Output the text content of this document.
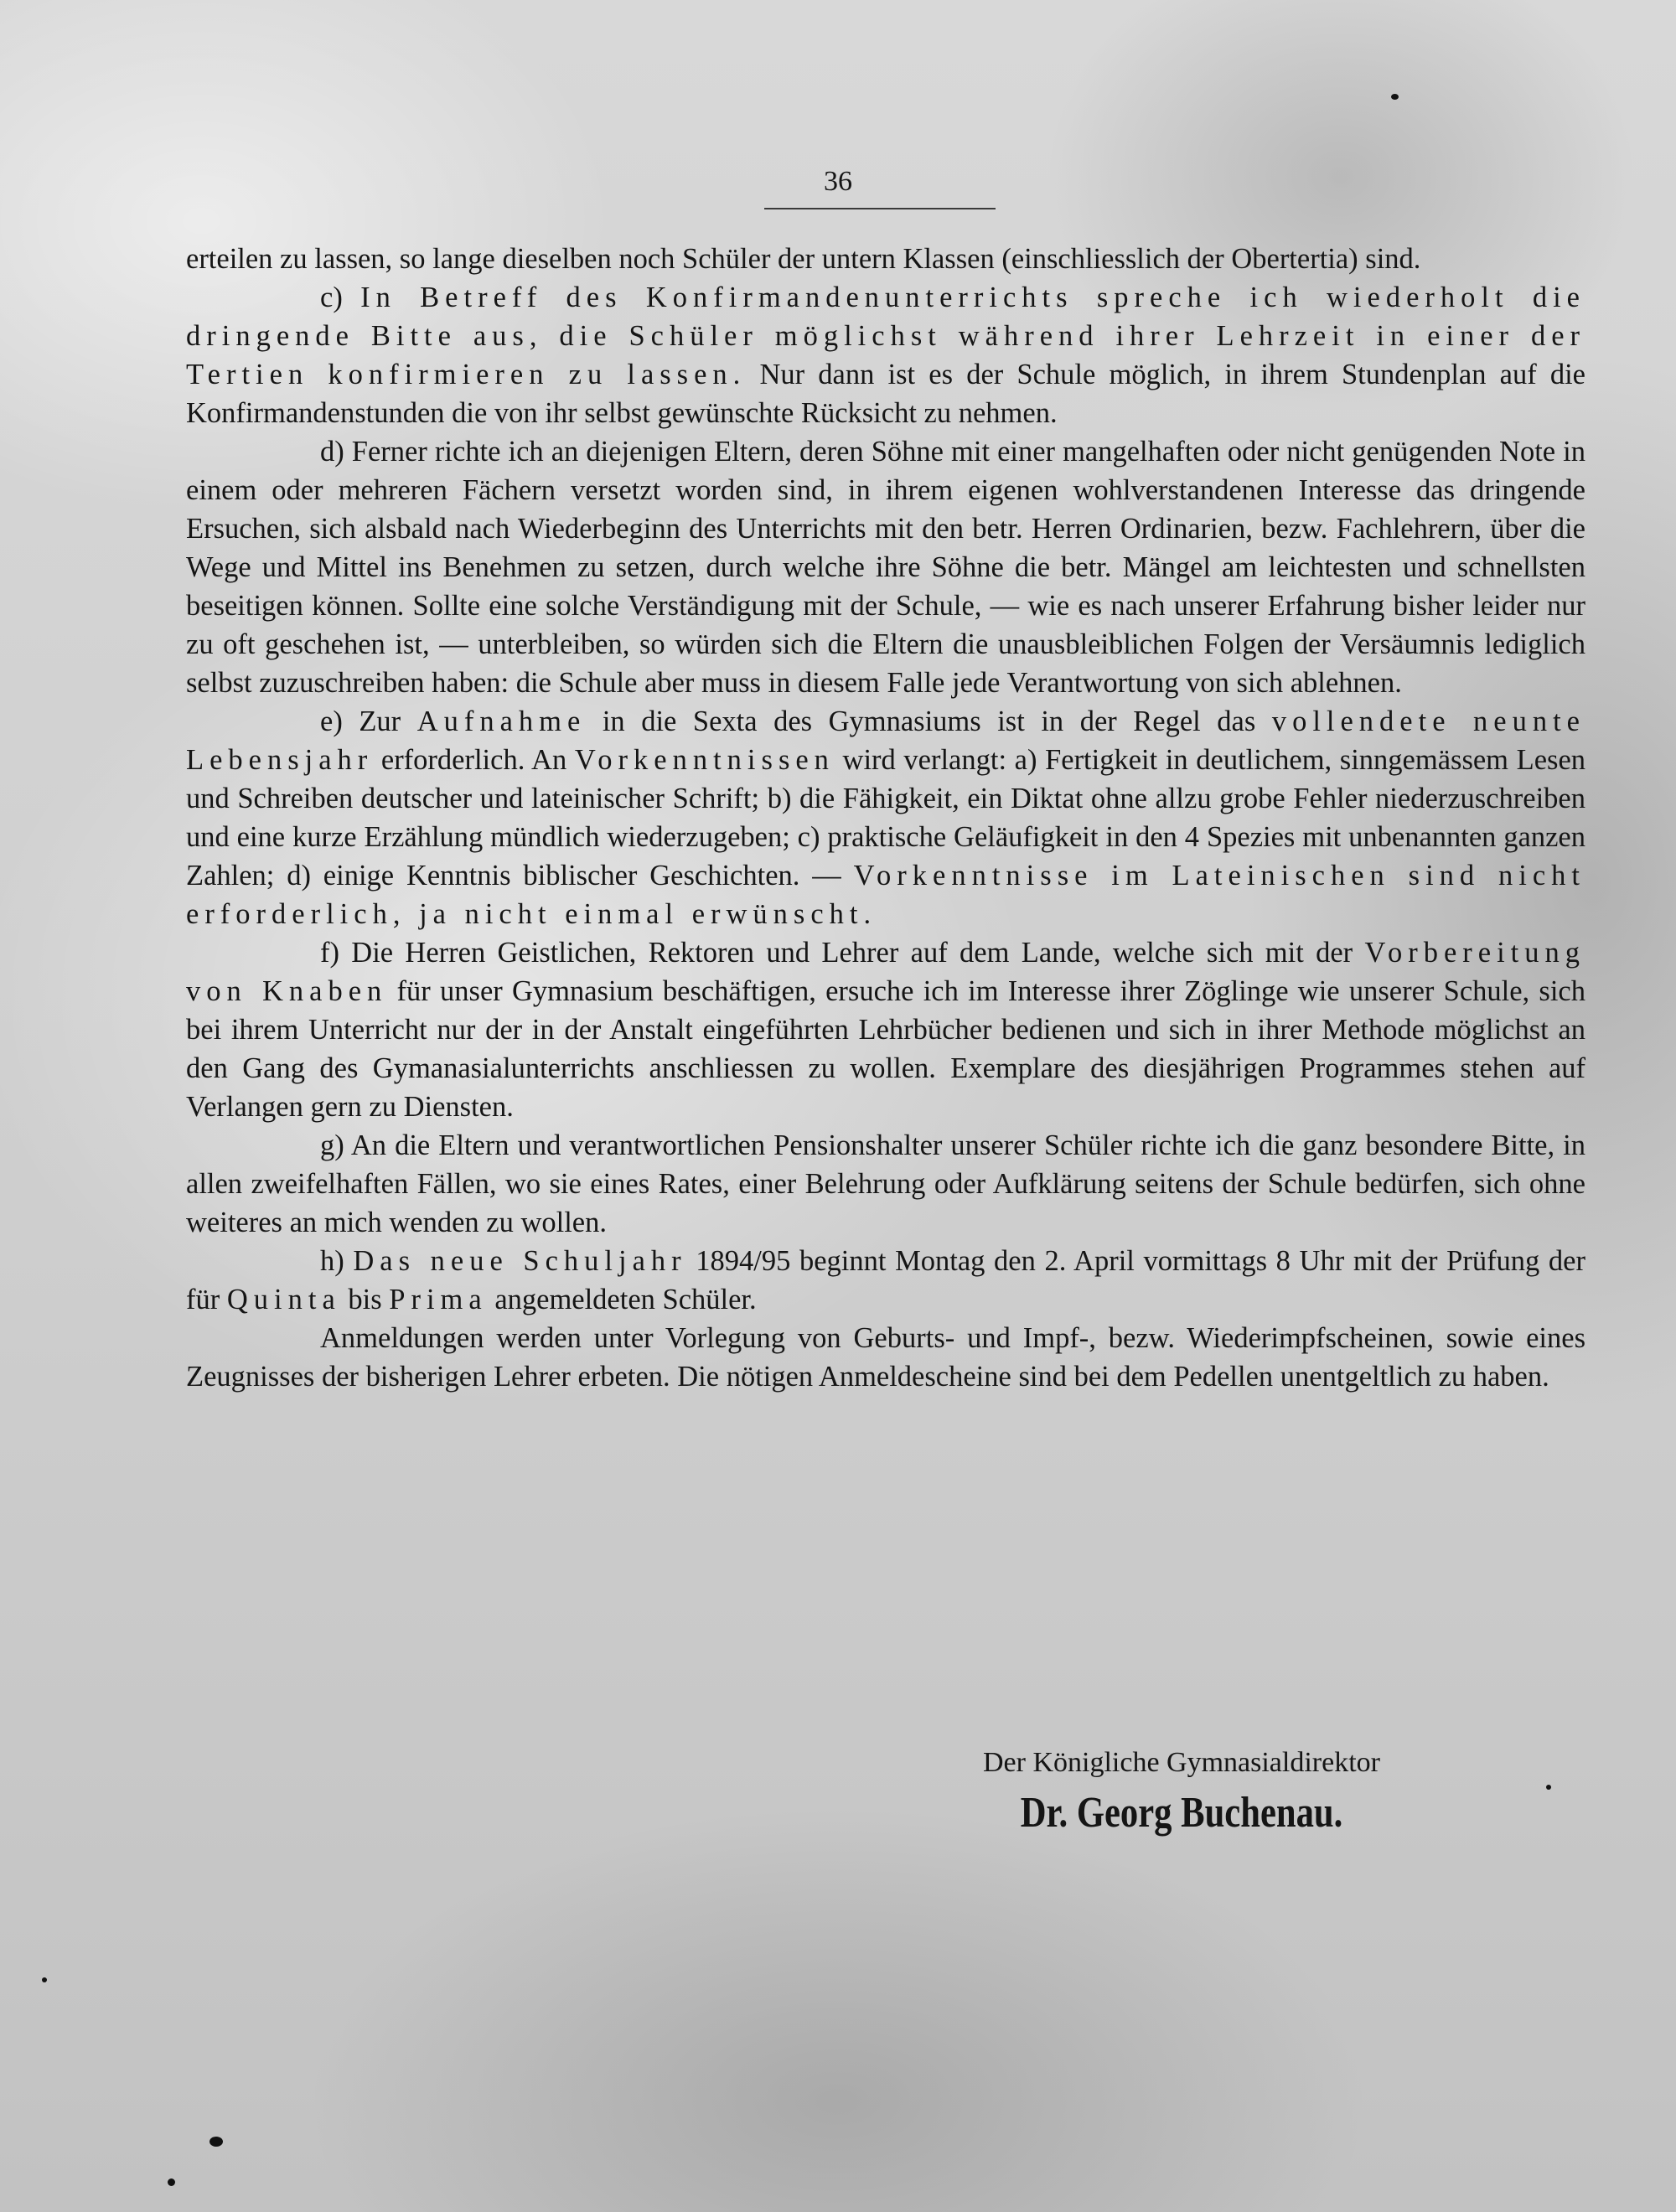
36

erteilen zu lassen, so lange dieselben noch Schüler der untern Klassen (einschliesslich der Obertertia) sind.

c) In Betreff des Konfirmandenunterrichts spreche ich wiederholt die dringende Bitte aus, die Schüler möglichst während ihrer Lehrzeit in einer der Tertien konfirmieren zu lassen. Nur dann ist es der Schule möglich, in ihrem Stundenplan auf die Konfirmandenstunden die von ihr selbst gewünschte Rücksicht zu nehmen.

d) Ferner richte ich an diejenigen Eltern, deren Söhne mit einer mangelhaften oder nicht genügenden Note in einem oder mehreren Fächern versetzt worden sind, in ihrem eigenen wohlverstandenen Interesse das dringende Ersuchen, sich alsbald nach Wiederbeginn des Unterrichts mit den betr. Herren Ordinarien, bezw. Fachlehrern, über die Wege und Mittel ins Benehmen zu setzen, durch welche ihre Söhne die betr. Mängel am leichtesten und schnellsten beseitigen können. Sollte eine solche Verständigung mit der Schule, — wie es nach unserer Erfahrung bisher leider nur zu oft geschehen ist, — unterbleiben, so würden sich die Eltern die unausbleiblichen Folgen der Versäumnis lediglich selbst zuzuschreiben haben: die Schule aber muss in diesem Falle jede Verantwortung von sich ablehnen.

e) Zur Aufnahme in die Sexta des Gymnasiums ist in der Regel das vollendete neunte Lebensjahr erforderlich. An Vorkenntnissen wird verlangt: a) Fertigkeit in deutlichem, sinngemässem Lesen und Schreiben deutscher und lateinischer Schrift; b) die Fähigkeit, ein Diktat ohne allzu grobe Fehler niederzuschreiben und eine kurze Erzählung mündlich wiederzugeben; c) praktische Geläufigkeit in den 4 Spezies mit unbenannten ganzen Zahlen; d) einige Kenntnis biblischer Geschichten. — Vorkenntnisse im Lateinischen sind nicht erforderlich, ja nicht einmal erwünscht.

f) Die Herren Geistlichen, Rektoren und Lehrer auf dem Lande, welche sich mit der Vorbereitung von Knaben für unser Gymnasium beschäftigen, ersuche ich im Interesse ihrer Zöglinge wie unserer Schule, sich bei ihrem Unterricht nur der in der Anstalt eingeführten Lehrbücher bedienen und sich in ihrer Methode möglichst an den Gang des Gymanasialunterrichts anschliessen zu wollen. Exemplare des diesjährigen Programmes stehen auf Verlangen gern zu Diensten.

g) An die Eltern und verantwortlichen Pensionshalter unserer Schüler richte ich die ganz besondere Bitte, in allen zweifelhaften Fällen, wo sie eines Rates, einer Belehrung oder Aufklärung seitens der Schule bedürfen, sich ohne weiteres an mich wenden zu wollen.

h) Das neue Schuljahr 1894/95 beginnt Montag den 2. April vormittags 8 Uhr mit der Prüfung der für Quinta bis Prima angemeldeten Schüler.

Anmeldungen werden unter Vorlegung von Geburts- und Impf-, bezw. Wiederimpfscheinen, sowie eines Zeugnisses der bisherigen Lehrer erbeten. Die nötigen Anmeldescheine sind bei dem Pedellen unentgeltlich zu haben.

Der Königliche Gymnasialdirektor
Dr. Georg Buchenau.
